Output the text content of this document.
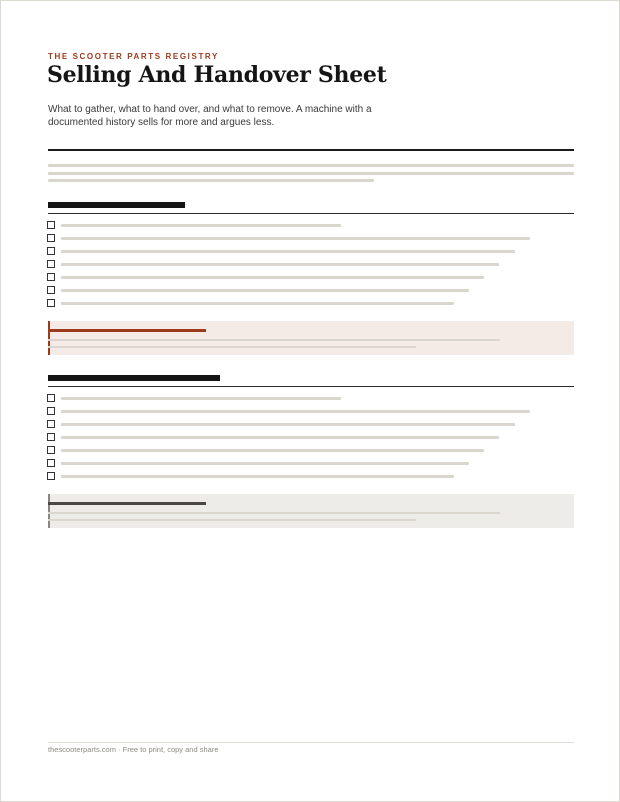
THE SCOOTER PARTS REGISTRY
Selling And Handover Sheet

What to gather, what to hand over, and what to remove. A machine with a documented history sells for more and argues less.

thescooterparts.com · Free to print, copy and share
